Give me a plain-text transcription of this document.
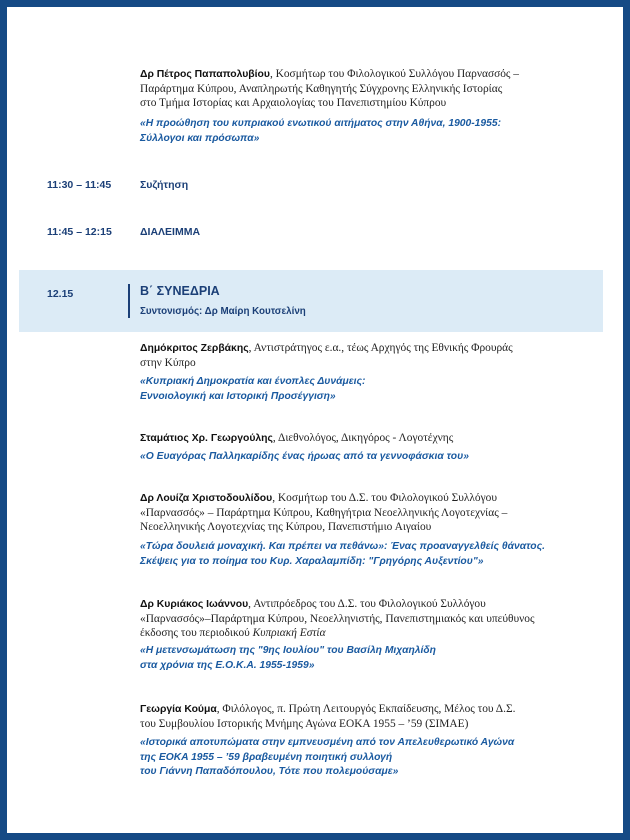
Δρ Πέτρος Παπαπολυβίου, Κοσμήτωρ του Φιλολογικού Συλλόγου Παρνασσός –
Παράρτημα Κύπρου, Αναπληρωτής Καθηγητής Σύγχρονης Ελληνικής Ιστορίας
στο Τμήμα Ιστορίας και Αρχαιολογίας του Πανεπιστημίου Κύπρου
«Η προώθηση του κυπριακού ενωτικού αιτήματος στην Αθήνα, 1900-1955:
Σύλλογοι και πρόσωπα»
11:30 – 11:45	Συζήτηση
11:45 – 12:15	ΔΙΑΛΕΙΜΜΑ
12.15	Β΄ ΣΥΝΕΔΡΙΑ
Συντονισμός: Δρ Μαίρη Κουτσελίνη
Δημόκριτος Ζερβάκης, Αντιστράτηγος ε.α., τέως Αρχηγός της Εθνικής Φρουράς
στην Κύπρο
«Κυπριακή Δημοκρατία και ένοπλες Δυνάμεις:
Εννοιολογική και Ιστορική Προσέγγιση»
Σταμάτιος Χρ. Γεωργούλης, Διεθνολόγος, Δικηγόρος - Λογοτέχνης
«Ο Ευαγόρας Παλληκαρίδης ένας ήρωας από τα γεννοφάσκια του»
Δρ Λουίζα Χριστοδουλίδου, Κοσμήτωρ του Δ.Σ. του Φιλολογικού Συλλόγου
«Παρνασσός» – Παράρτημα Κύπρου, Καθηγήτρια Νεοελληνικής Λογοτεχνίας –
Νεοελληνικής Λογοτεχνίας της Κύπρου, Πανεπιστήμιο Αιγαίου
«Τώρα δουλειά μοναχική. Και πρέπει να πεθάνω»: Ένας προαναγγελθείς θάνατος.
Σκέψεις για το ποίημα του Κυρ. Χαραλαμπίδη: "Γρηγόρης Αυξεντίου"»
Δρ Κυριάκος Ιωάννου, Αντιπρόεδρος του Δ.Σ. του Φιλολογικού Συλλόγου
«Παρνασσός»–Παράρτημα Κύπρου, Νεοελληνιστής, Πανεπιστημιακός και υπεύθυνος
έκδοσης του περιοδικού Κυπριακή Εστία
«Η μετενσωμάτωση της "9ης Ιουλίου" του Βασίλη Μιχαηλίδη
στα χρόνια της Ε.Ο.Κ.Α. 1955-1959»
Γεωργία Κούμα, Φιλόλογος, π. Πρώτη Λειτουργός Εκπαίδευσης, Μέλος του Δ.Σ.
του Συμβουλίου Ιστορικής Μνήμης Αγώνα ΕΟΚΑ 1955 – ’59 (ΣΙΜΑΕ)
«Ιστορικά αποτυπώματα στην εμπνευσμένη από τον Απελευθερωτικό Αγώνα
της ΕΟΚΑ 1955 – ’59 βραβευμένη ποιητική συλλογή
του Γιάννη Παπαδόπουλου, Τότε που πολεμούσαμε»
